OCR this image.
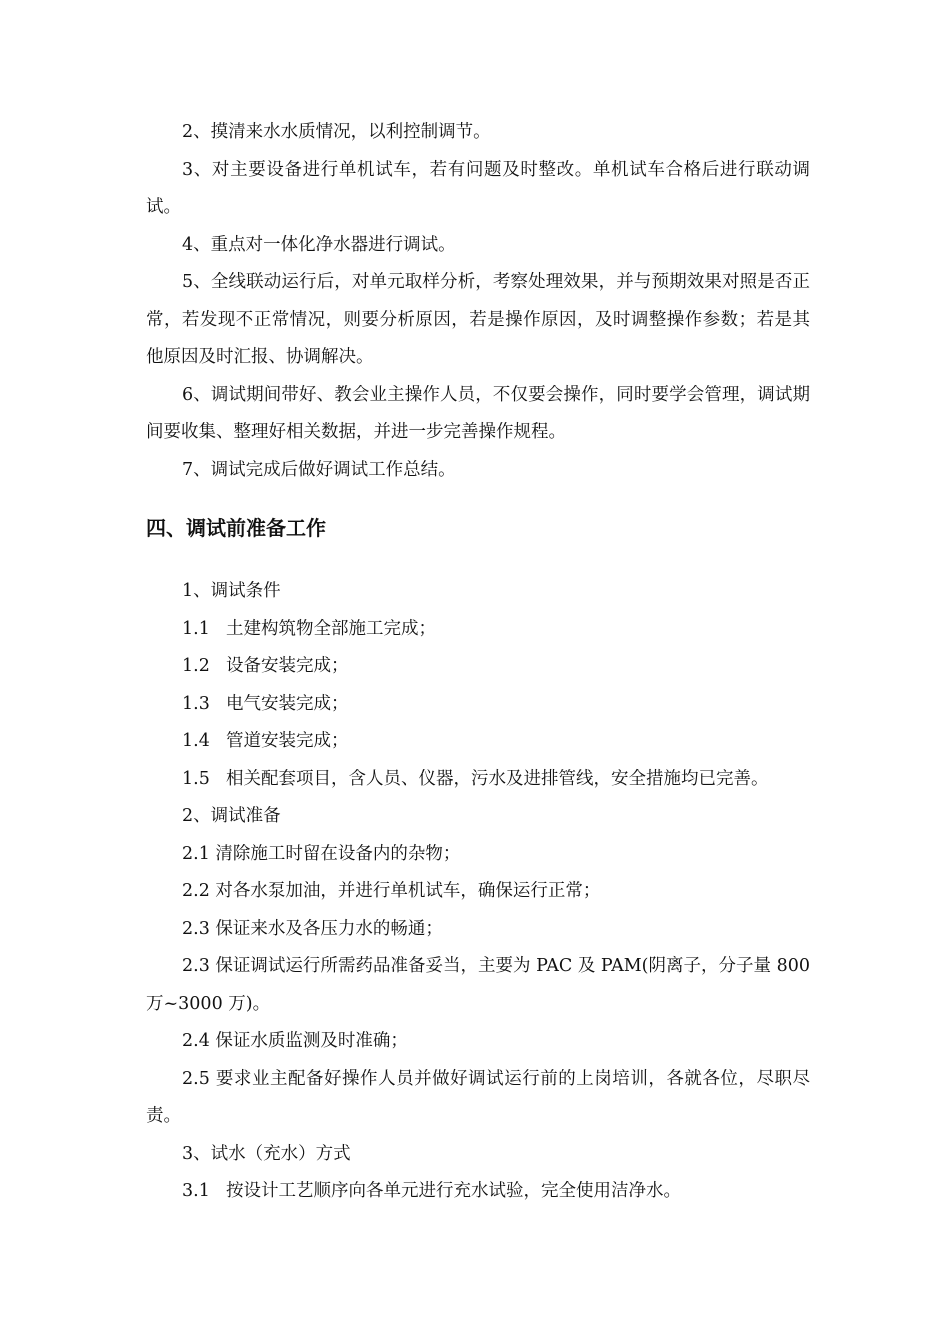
2、摸清来水水质情况，以利控制调节。

3、对主要设备进行单机试车，若有问题及时整改。单机试车合格后进行联动调试。

4、重点对一体化净水器进行调试。

5、全线联动运行后，对单元取样分析，考察处理效果，并与预期效果对照是否正常，若发现不正常情况，则要分析原因，若是操作原因，及时调整操作参数；若是其他原因及时汇报、协调解决。

6、调试期间带好、教会业主操作人员，不仅要会操作，同时要学会管理，调试期间要收集、整理好相关数据，并进一步完善操作规程。

7、调试完成后做好调试工作总结。

四、调试前准备工作

1、调试条件

1.1 土建构筑物全部施工完成；

1.2 设备安装完成；

1.3 电气安装完成；

1.4 管道安装完成；

1.5 相关配套项目，含人员、仪器，污水及进排管线，安全措施均已完善。

2、调试准备

2.1 清除施工时留在设备内的杂物；

2.2 对各水泵加油，并进行单机试车，确保运行正常；

2.3 保证来水及各压力水的畅通；

2.3 保证调试运行所需药品准备妥当，主要为 PAC 及 PAM(阴离子，分子量 800 万~3000 万)。

2.4 保证水质监测及时准确；

2.5 要求业主配备好操作人员并做好调试运行前的上岗培训，各就各位，尽职尽责。

3、试水（充水）方式

3.1 按设计工艺顺序向各单元进行充水试验，完全使用洁净水。
